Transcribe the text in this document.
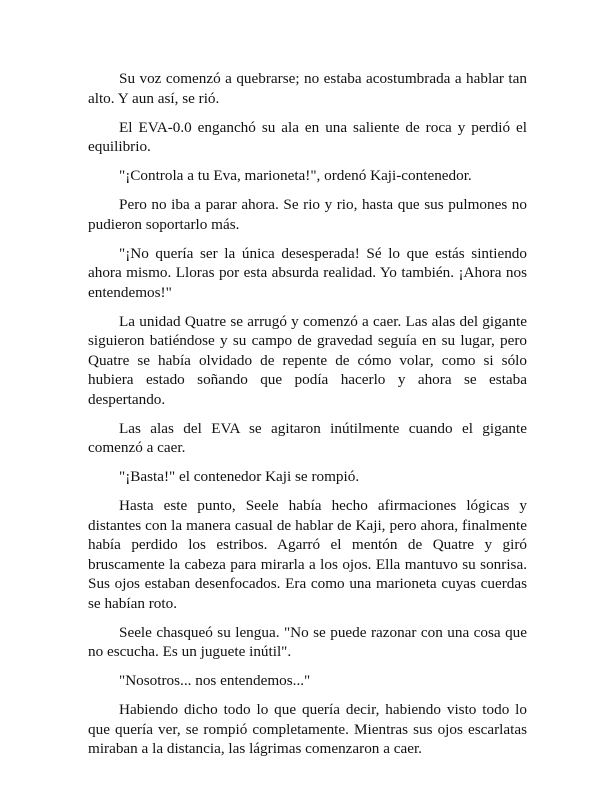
Su voz comenzó a quebrarse; no estaba acostumbrada a hablar tan alto. Y aun así, se rió.

El EVA-0.0 enganchó su ala en una saliente de roca y perdió el equilibrio.

"¡Controla a tu Eva, marioneta!", ordenó Kaji-contenedor.

Pero no iba a parar ahora. Se rio y rio, hasta que sus pulmones no pudieron soportarlo más.

"¡No quería ser la única desesperada! Sé lo que estás sintiendo ahora mismo. Lloras por esta absurda realidad. Yo también. ¡Ahora nos entendemos!"

La unidad Quatre se arrugó y comenzó a caer. Las alas del gigante siguieron batiéndose y su campo de gravedad seguía en su lugar, pero Quatre se había olvidado de repente de cómo volar, como si sólo hubiera estado soñando que podía hacerlo y ahora se estaba despertando.

Las alas del EVA se agitaron inútilmente cuando el gigante comenzó a caer.

"¡Basta!" el contenedor Kaji se rompió.

Hasta este punto, Seele había hecho afirmaciones lógicas y distantes con la manera casual de hablar de Kaji, pero ahora, finalmente había perdido los estribos. Agarró el mentón de Quatre y giró bruscamente la cabeza para mirarla a los ojos. Ella mantuvo su sonrisa. Sus ojos estaban desenfocados. Era como una marioneta cuyas cuerdas se habían roto.

Seele chasqueó su lengua. "No se puede razonar con una cosa que no escucha. Es un juguete inútil".

"Nosotros... nos entendemos..."

Habiendo dicho todo lo que quería decir, habiendo visto todo lo que quería ver, se rompió completamente. Mientras sus ojos escarlatas miraban a la distancia, las lágrimas comenzaron a caer.
